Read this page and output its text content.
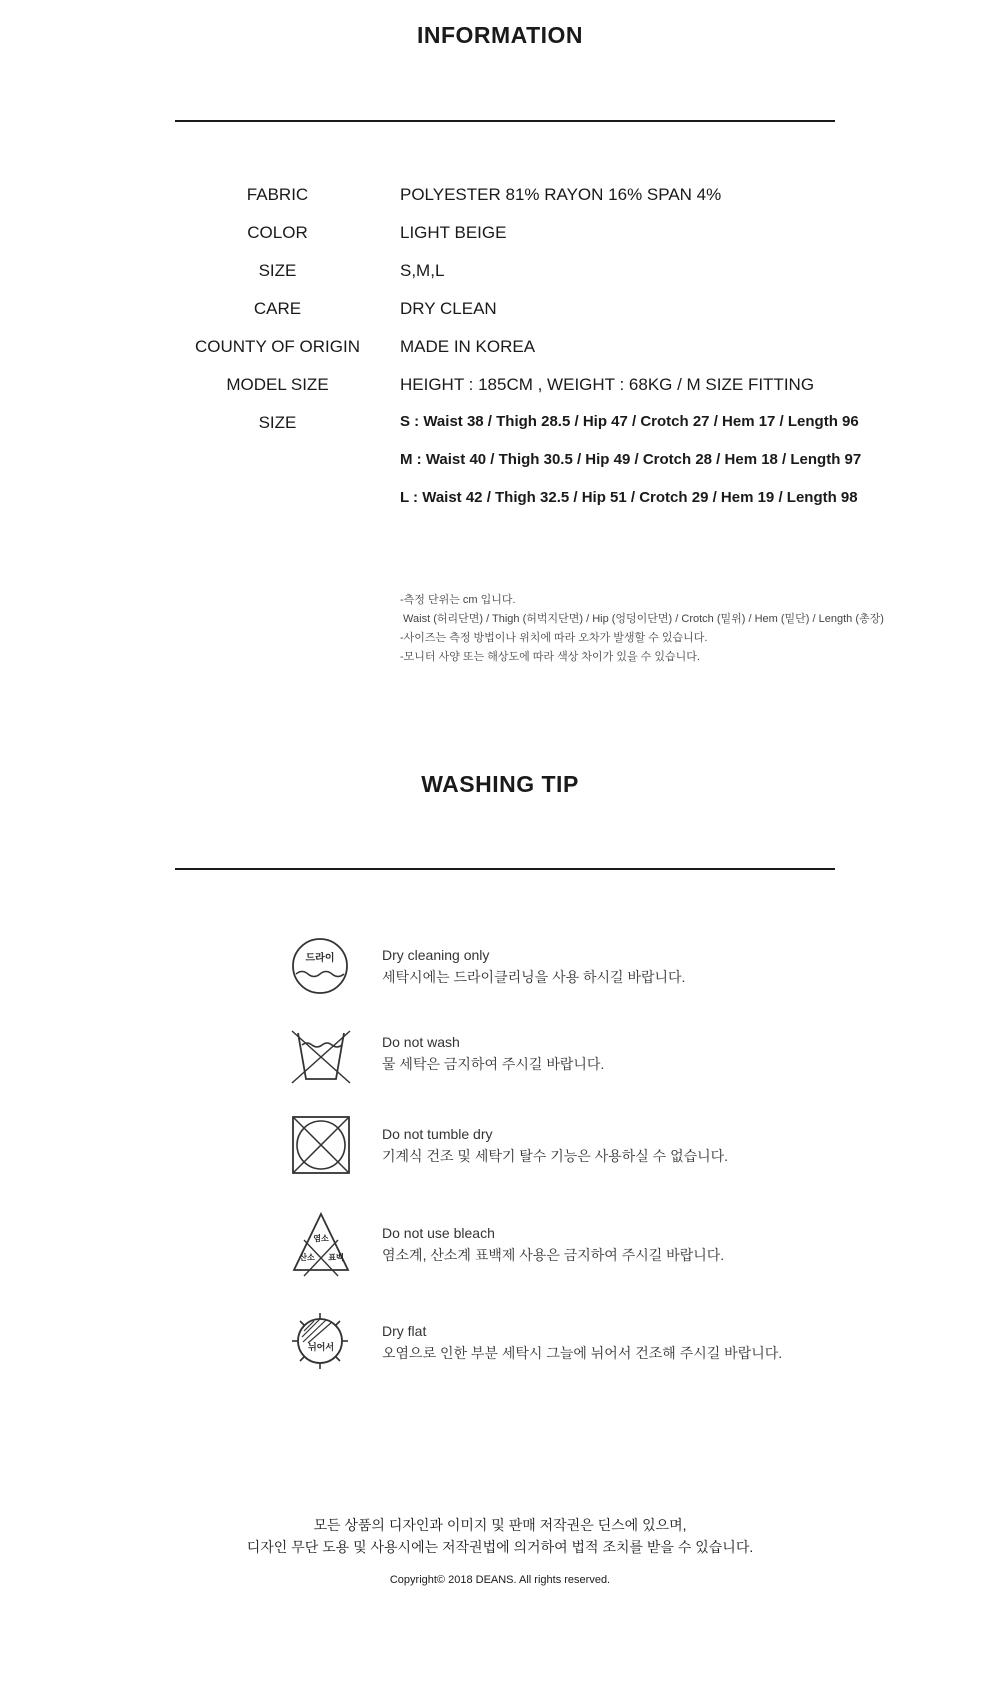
INFORMATION
FABRIC	POLYESTER 81% RAYON 16% SPAN 4%
COLOR	LIGHT BEIGE
SIZE	S,M,L
CARE	DRY CLEAN
COUNTY OF ORIGIN	MADE IN KOREA
MODEL SIZE	HEIGHT : 185CM , WEIGHT : 68KG / M SIZE FITTING
SIZE	S : Waist 38 / Thigh 28.5 / Hip 47 / Crotch 27 / Hem 17 / Length 96
M : Waist 40 / Thigh 30.5 / Hip 49 / Crotch 28 / Hem 18 / Length 97
L : Waist 42 / Thigh 32.5 / Hip 51 / Crotch 29 / Hem 19 / Length 98
-측정 단위는 cm 입니다.
Waist (허리단면) / Thigh (허벅지단면) / Hip (엉덩이단면) / Crotch (밑위) / Hem (밑단) / Length (총장)
-사이즈는 측정 방법이나 위치에 따라 오차가 발생할 수 있습니다.
-모니터 사양 또는 해상도에 따라 색상 차이가 있을 수 있습니다.
WASHING TIP
드라이	Dry cleaning only
세탁시에는 드라이클리닝을 사용 하시길 바랍니다.
Do not wash
물 세탁은 금지하여 주시길 바랍니다.
Do not tumble dry
기계식 건조 및 세탁기 탈수 기능은 사용하실 수 없습니다.
염소
산소 표백
Do not use bleach
염소계, 산소계 표백제 사용은 금지하여 주시길 바랍니다.
뉘어서
Dry flat
오염으로 인한 부분 세탁시 그늘에 뉘어서 건조해 주시길 바랍니다.
모든 상품의 디자인과 이미지 및 판매 저작권은 딘스에 있으며,
디자인 무단 도용 및 사용시에는 저작권법에 의거하여 법적 조치를 받을 수 있습니다.
Copyright© 2018 DEANS. All rights reserved.
